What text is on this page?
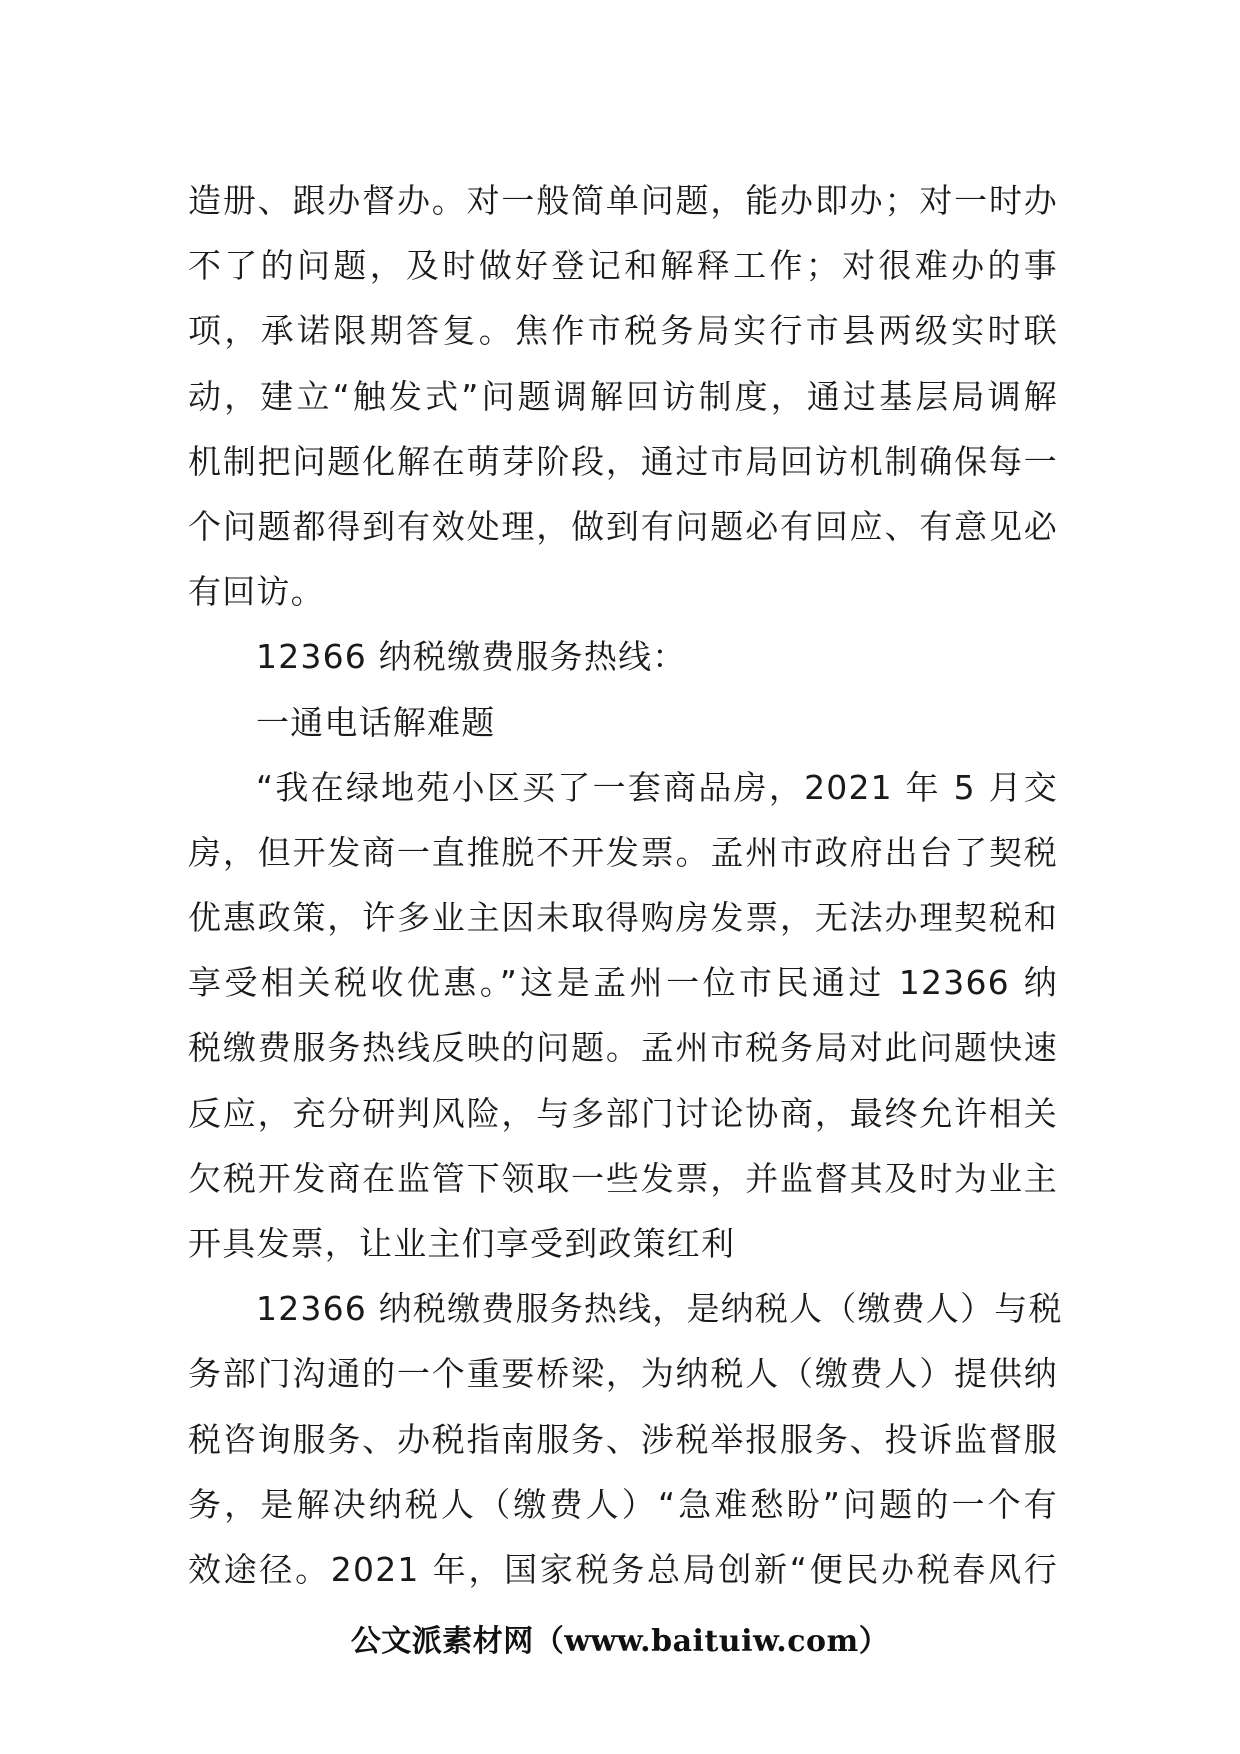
造册、跟办督办。对一般简单问题，能办即办；对一时办
不了的问题，及时做好登记和解释工作；对很难办的事
项，承诺限期答复。焦作市税务局实行市县两级实时联
动，建立“触发式”问题调解回访制度，通过基层局调解
机制把问题化解在萌芽阶段，通过市局回访机制确保每一
个问题都得到有效处理，做到有问题必有回应、有意见必
有回访。
12366 纳税缴费服务热线：
一通电话解难题
“我在绿地苑小区买了一套商品房，2021 年 5 月交
房，但开发商一直推脱不开发票。孟州市政府出台了契税
优惠政策，许多业主因未取得购房发票，无法办理契税和
享受相关税收优惠。”这是孟州一位市民通过 12366 纳
税缴费服务热线反映的问题。孟州市税务局对此问题快速
反应，充分研判风险，与多部门讨论协商，最终允许相关
欠税开发商在监管下领取一些发票，并监督其及时为业主
开具发票，让业主们享受到政策红利
12366 纳税缴费服务热线，是纳税人（缴费人）与税
务部门沟通的一个重要桥梁，为纳税人（缴费人）提供纳
税咨询服务、办税指南服务、涉税举报服务、投诉监督服
务，是解决纳税人（缴费人）“急难愁盼”问题的一个有
效途径。2021 年，国家税务总局创新“便民办税春风行
公文派素材网（www.baituiw.com）
